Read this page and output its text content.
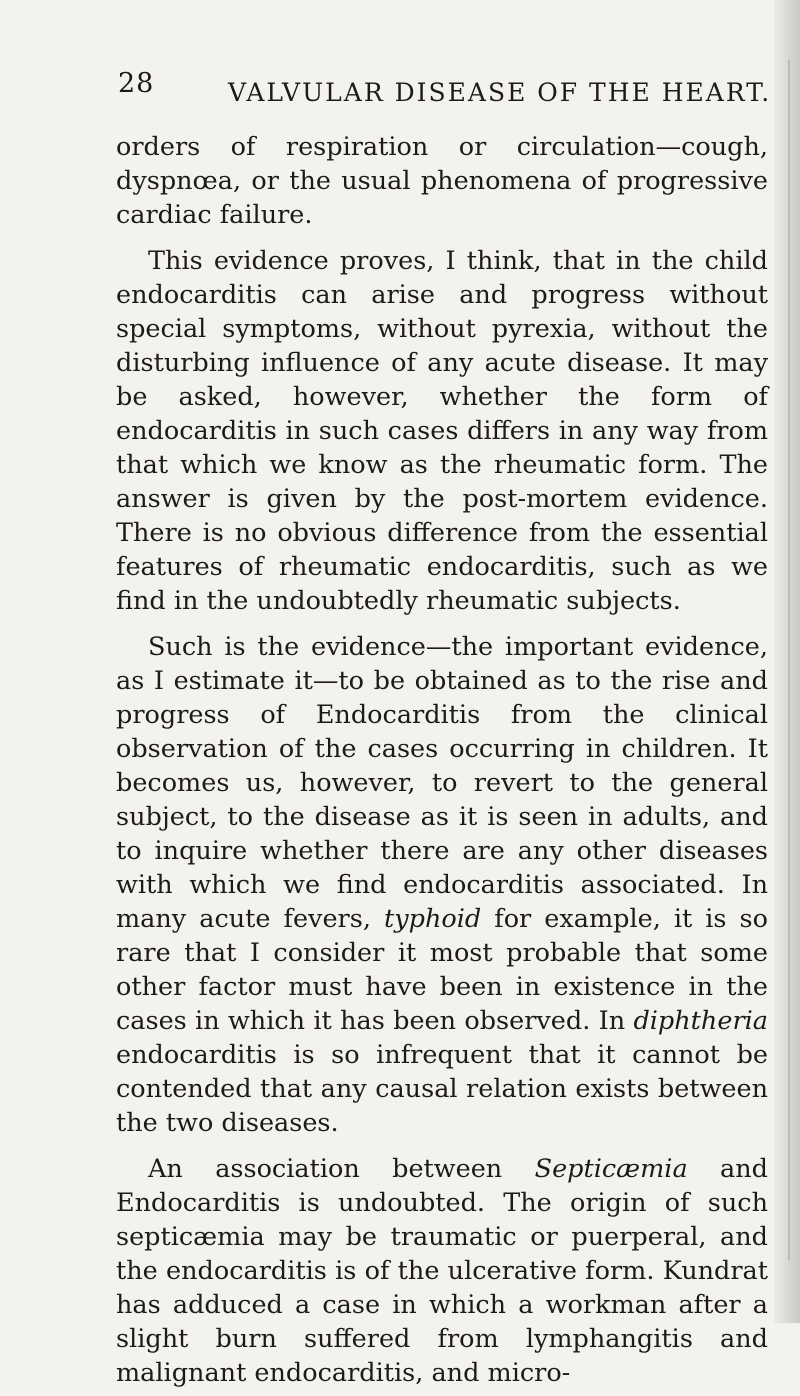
28	VALVULAR DISEASE OF THE HEART.

orders of respiration or circulation—cough, dyspnœa, or the usual phenomena of progressive cardiac failure.

This evidence proves, I think, that in the child endocarditis can arise and progress without special symptoms, without pyrexia, without the disturbing influence of any acute disease. It may be asked, however, whether the form of endocarditis in such cases differs in any way from that which we know as the rheumatic form. The answer is given by the post-mortem evidence. There is no obvious difference from the essential features of rheumatic endocarditis, such as we find in the undoubtedly rheumatic subjects.

Such is the evidence—the important evidence, as I estimate it—to be obtained as to the rise and progress of Endocarditis from the clinical observation of the cases occurring in children. It becomes us, however, to revert to the general subject, to the disease as it is seen in adults, and to inquire whether there are any other diseases with which we find endocarditis associated. In many acute fevers, typhoid for example, it is so rare that I consider it most probable that some other factor must have been in existence in the cases in which it has been observed. In diphtheria endocarditis is so infrequent that it cannot be contended that any causal relation exists between the two diseases.

An association between Septicæmia and Endocarditis is undoubted. The origin of such septicæmia may be traumatic or puerperal, and the endocarditis is of the ulcerative form. Kundrat has adduced a case in which a workman after a slight burn suffered from lymphangitis and malignant endocarditis, and micro-
